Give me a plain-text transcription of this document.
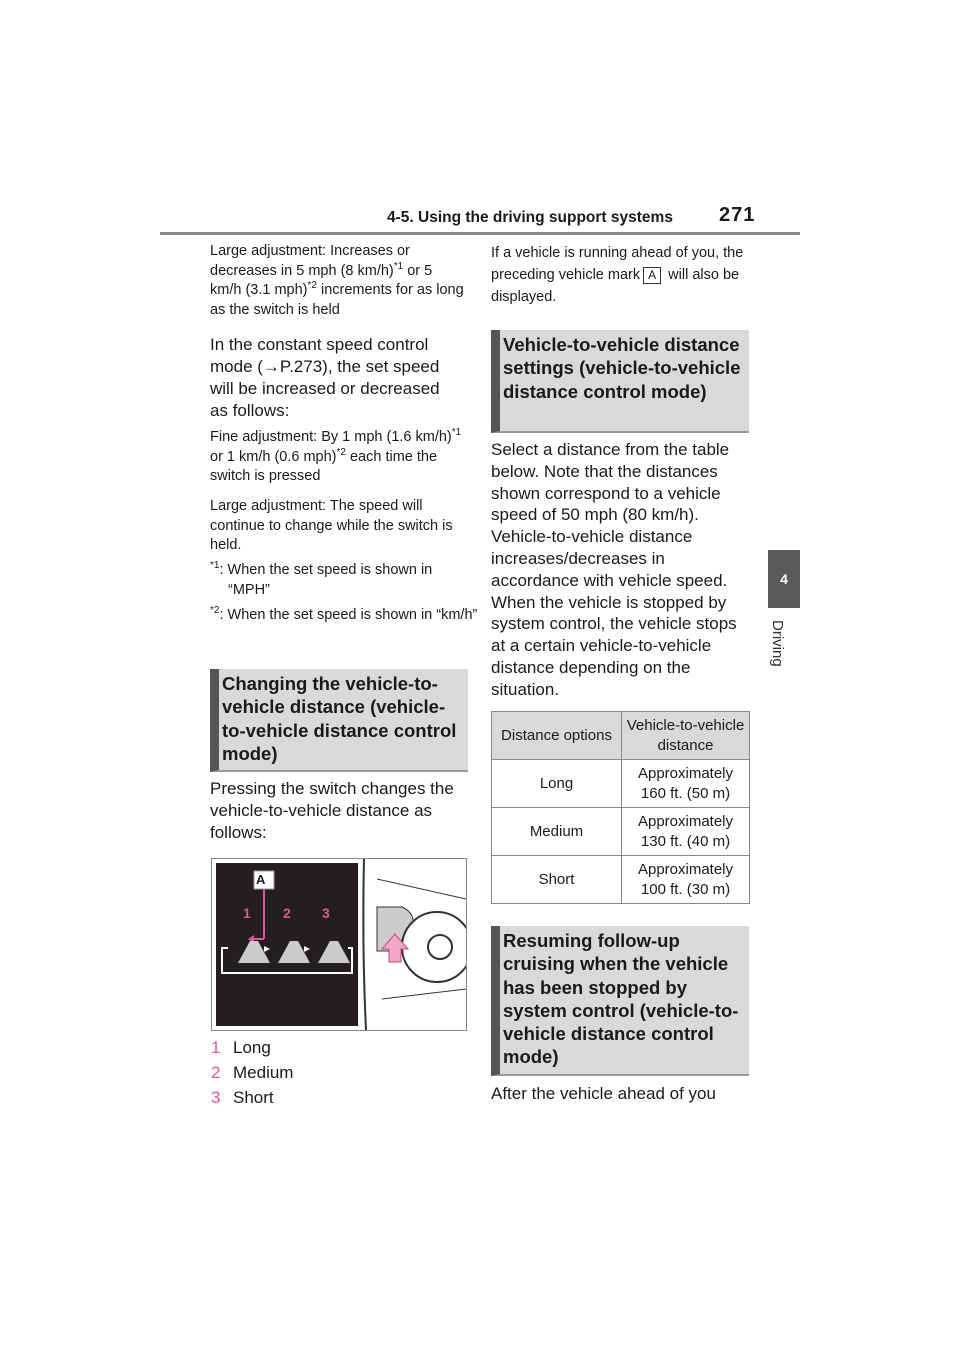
4-5. Using the driving support systems 271
4
Driving
Large adjustment: Increases or decreases in 5 mph (8 km/h)$^{*1}$ or 5 km/h (3.1 mph)$^{*2}$ increments for as long as the switch is held
In the constant speed control mode (→P.273), the set speed will be increased or decreased as follows:
Fine adjustment: By 1 mph (1.6 km/h)$^{*1}$ or 1 km/h (0.6 mph)$^{*2}$ each time the switch is pressed
Large adjustment: The speed will continue to change while the switch is held.
$^{*1}$: When the set speed is shown in “MPH”
$^{*2}$: When the set speed is shown in “km/h”
Changing the vehicle-to-vehicle distance (vehicle-to-vehicle distance control mode)
Pressing the switch changes the vehicle-to-vehicle distance as follows:
A
1 2 3
1 Long
2 Medium
3 Short
If a vehicle is running ahead of you, the preceding vehicle mark A will also be displayed.
Vehicle-to-vehicle distance settings (vehicle-to-vehicle distance control mode)
Select a distance from the table below. Note that the distances shown correspond to a vehicle speed of 50 mph (80 km/h). Vehicle-to-vehicle distance increases/decreases in accordance with vehicle speed. When the vehicle is stopped by system control, the vehicle stops at a certain vehicle-to-vehicle distance depending on the situation.
Distance options	Vehicle-to-vehicle distance
Long	Approximately 160 ft. (50 m)
Medium	Approximately 130 ft. (40 m)
Short	Approximately 100 ft. (30 m)
Resuming follow-up cruising when the vehicle has been stopped by system control (vehicle-to-vehicle distance control mode)
After the vehicle ahead of you
